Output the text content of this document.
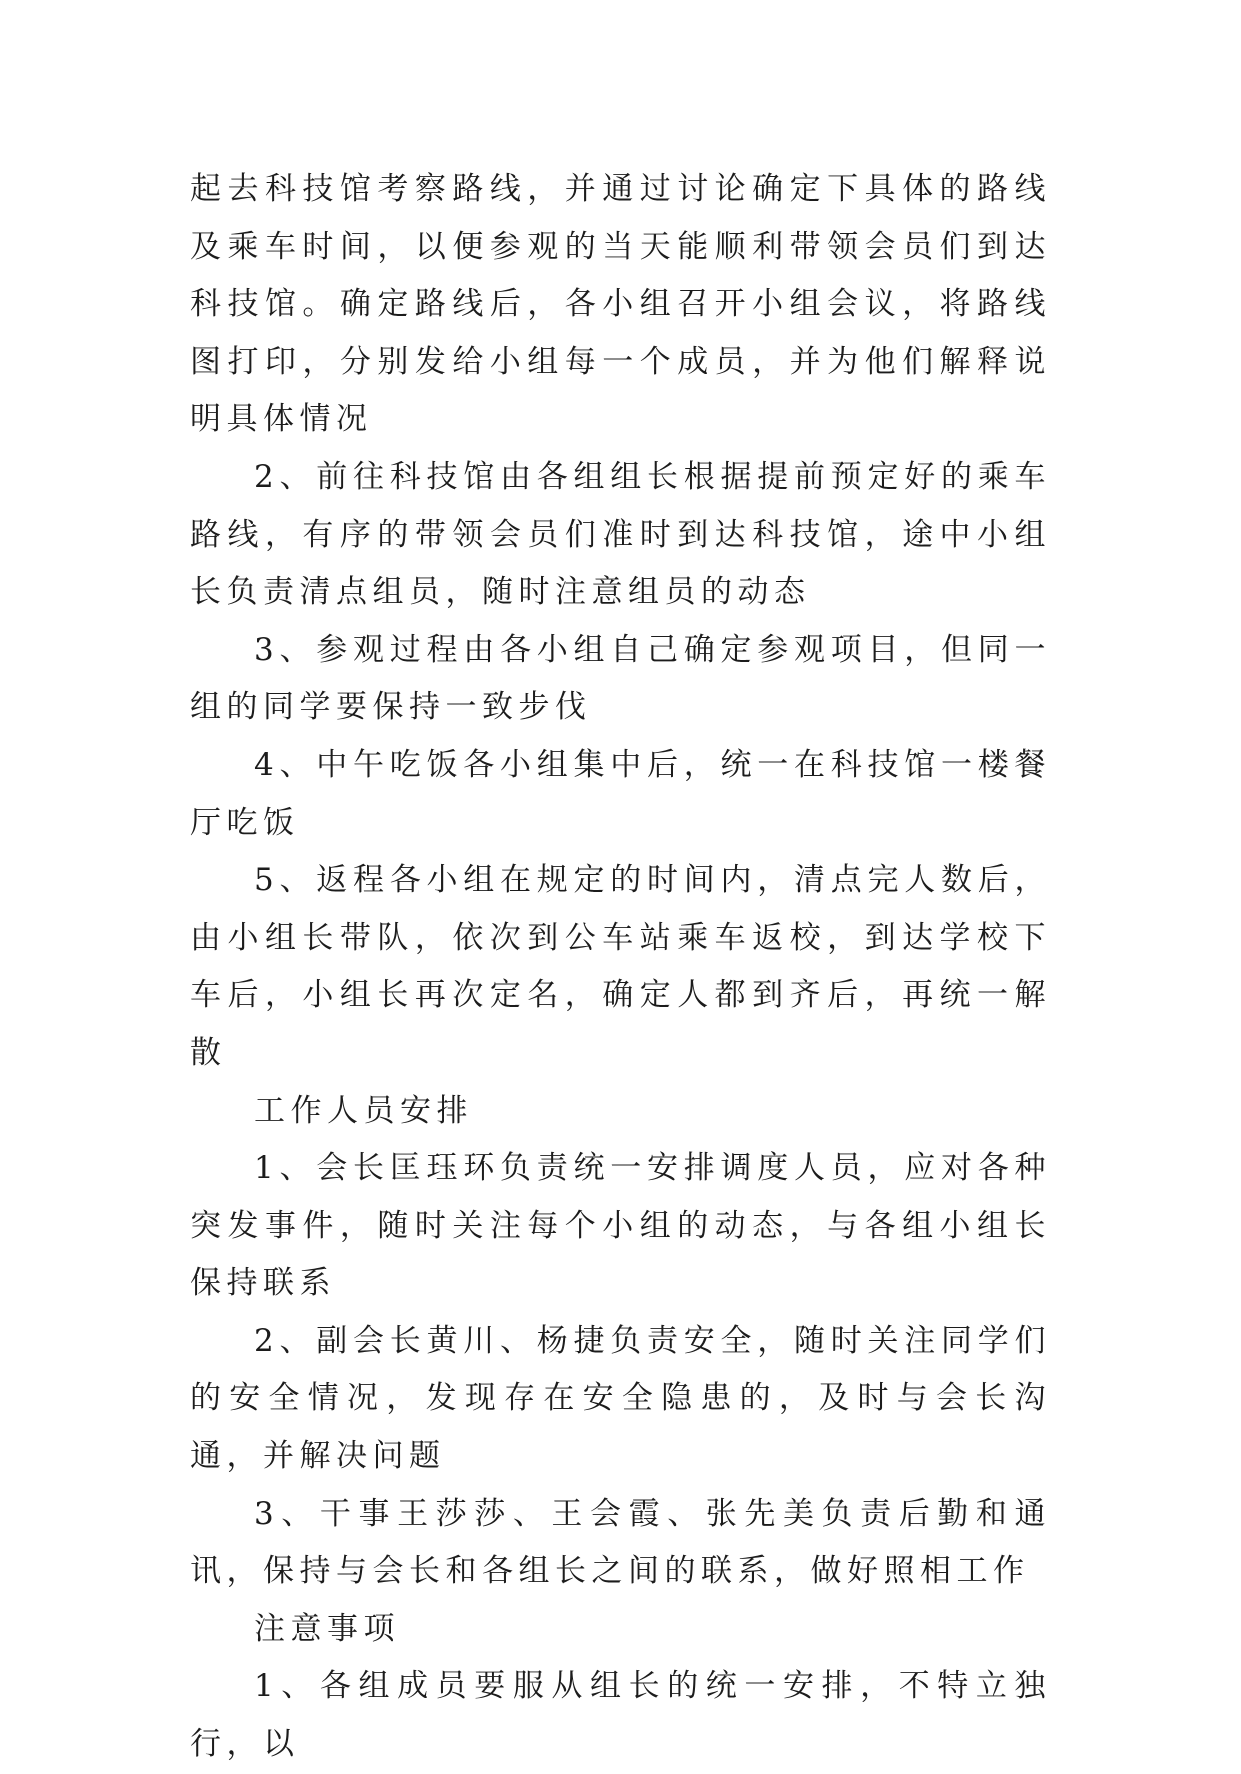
起去科技馆考察路线，并通过讨论确定下具体的路线及乘车时间，以便参观的当天能顺利带领会员们到达科技馆。确定路线后，各小组召开小组会议，将路线图打印，分别发给小组每一个成员，并为他们解释说明具体情况

2、前往科技馆由各组组长根据提前预定好的乘车路线，有序的带领会员们准时到达科技馆，途中小组长负责清点组员，随时注意组员的动态

3、参观过程由各小组自己确定参观项目，但同一组的同学要保持一致步伐

4、中午吃饭各小组集中后，统一在科技馆一楼餐厅吃饭

5、返程各小组在规定的时间内，清点完人数后，由小组长带队，依次到公车站乘车返校，到达学校下车后，小组长再次定名，确定人都到齐后，再统一解散

工作人员安排

1、会长匡珏环负责统一安排调度人员，应对各种突发事件，随时关注每个小组的动态，与各组小组长保持联系

2、副会长黄川、杨捷负责安全，随时关注同学们的安全情况，发现存在安全隐患的，及时与会长沟通，并解决问题

3、干事王莎莎、王会霞、张先美负责后勤和通讯，保持与会长和各组长之间的联系，做好照相工作

注意事项

1、各组成员要服从组长的统一安排，不特立独行，以
